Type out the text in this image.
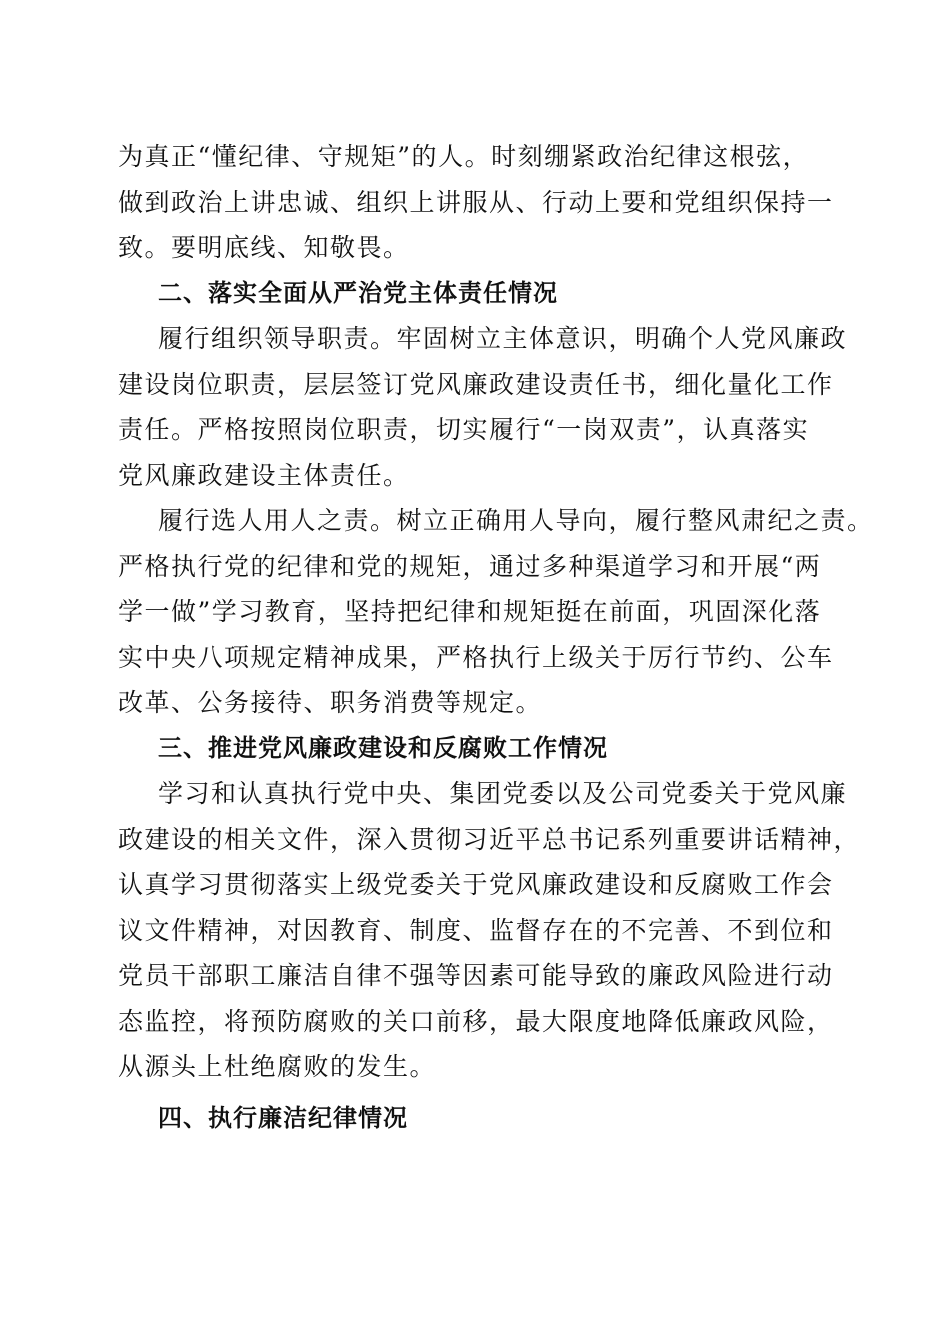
为真正“懂纪律、守规矩”的人。时刻绷紧政治纪律这根弦，
做到政治上讲忠诚、组织上讲服从、行动上要和党组织保持一
致。要明底线、知敬畏。
二、落实全面从严治党主体责任情况
履行组织领导职责。牢固树立主体意识，明确个人党风廉政
建设岗位职责，层层签订党风廉政建设责任书，细化量化工作
责任。严格按照岗位职责，切实履行“一岗双责”，认真落实
党风廉政建设主体责任。
履行选人用人之责。树立正确用人导向，履行整风肃纪之责。
严格执行党的纪律和党的规矩，通过多种渠道学习和开展“两
学一做”学习教育，坚持把纪律和规矩挺在前面，巩固深化落
实中央八项规定精神成果，严格执行上级关于厉行节约、公车
改革、公务接待、职务消费等规定。
三、推进党风廉政建设和反腐败工作情况
学习和认真执行党中央、集团党委以及公司党委关于党风廉
政建设的相关文件，深入贯彻习近平总书记系列重要讲话精神，
认真学习贯彻落实上级党委关于党风廉政建设和反腐败工作会
议文件精神，对因教育、制度、监督存在的不完善、不到位和
党员干部职工廉洁自律不强等因素可能导致的廉政风险进行动
态监控，将预防腐败的关口前移，最大限度地降低廉政风险，
从源头上杜绝腐败的发生。
四、执行廉洁纪律情况
